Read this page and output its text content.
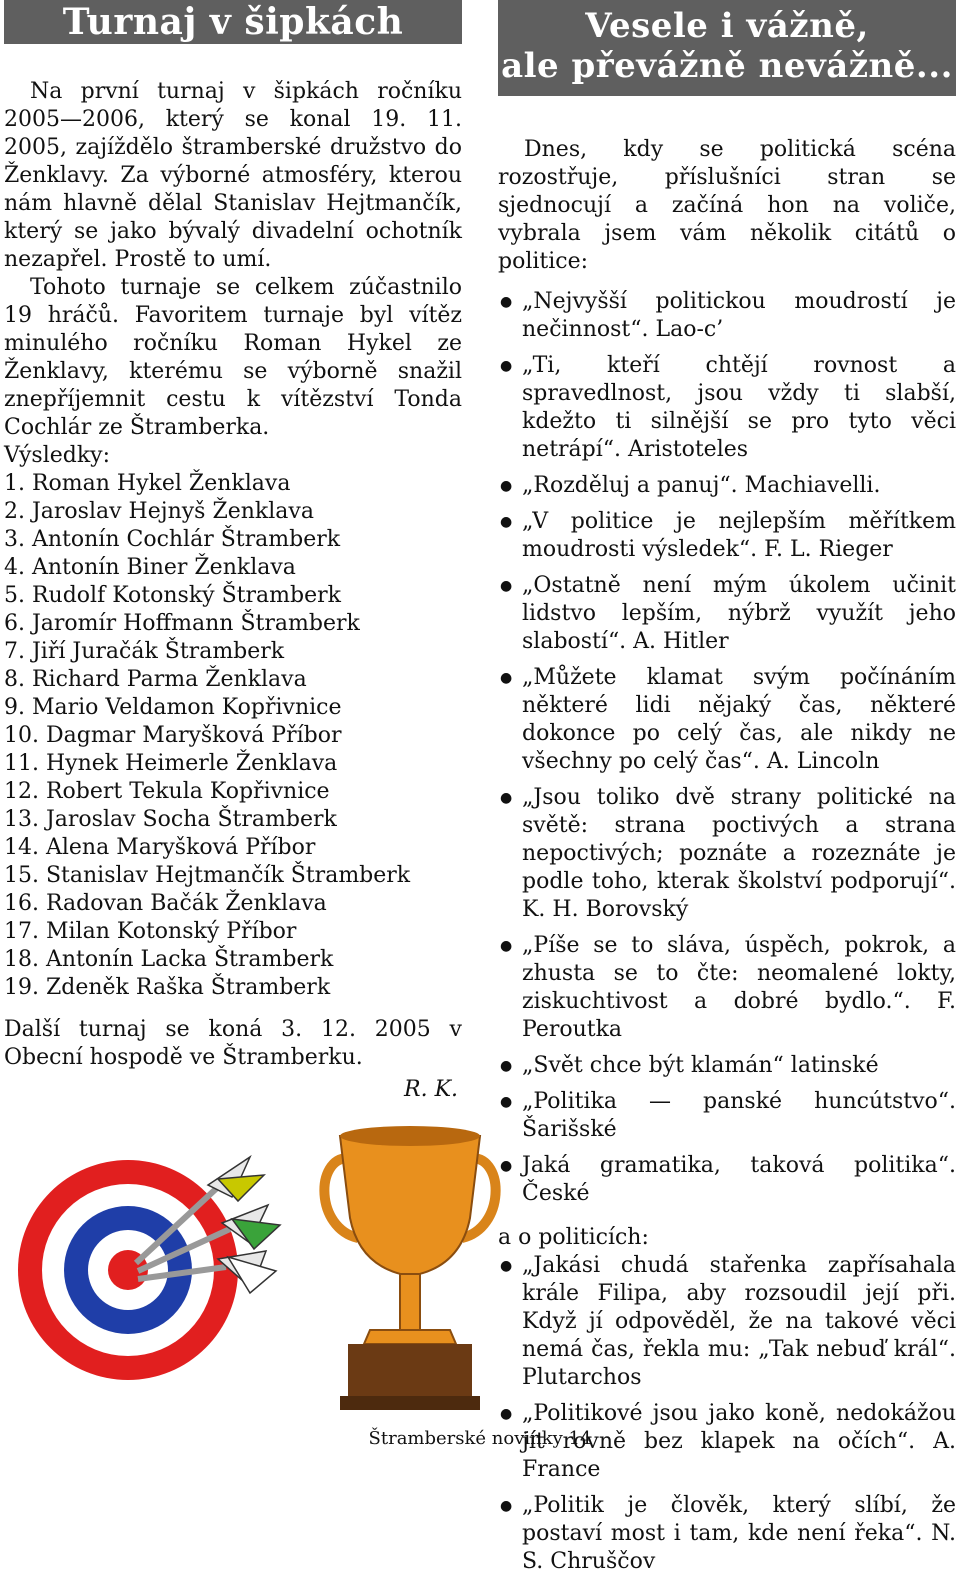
Turnaj v šipkách

Na první turnaj v šipkách ročníku 2005—2006, který se konal 19. 11. 2005, zajíždělo štramberské družstvo do Ženklavy. Za výborné atmosféry, kterou nám hlavně dělal Stanislav Hejtmančík, který se jako bývalý divadelní ochotník nezapřel. Prostě to umí.

Tohoto turnaje se celkem zúčastnilo 19 hráčů. Favoritem turnaje byl vítěz minulého ročníku Roman Hykel ze Ženklavy, kterému se výborně snažil znepříjemnit cestu k vítězství Tonda Cochlár ze Štramberka.

Výsledky:
1. Roman Hykel Ženklava
2. Jaroslav Hejnyš Ženklava
3. Antonín Cochlár Štramberk
4. Antonín Biner Ženklava
5. Rudolf Kotonský Štramberk
6. Jaromír Hoffmann Štramberk
7. Jiří Juračák Štramberk
8. Richard Parma Ženklava
9. Mario Veldamon Kopřivnice
10. Dagmar Maryšková Příbor
11. Hynek Heimerle Ženklava
12. Robert Tekula Kopřivnice
13. Jaroslav Socha Štramberk
14. Alena Maryšková Příbor
15. Stanislav Hejtmančík Štramberk
16. Radovan Bačák Ženklava
17. Milan Kotonský Příbor
18. Antonín Lacka Štramberk
19. Zdeněk Raška Štramberk

Další turnaj se koná 3. 12. 2005 v Obecní hospodě ve Štramberku.

R. K.
Vesele i vážně,
ale převážně nevážně...

Dnes, kdy se politická scéna rozostřuje, příslušníci stran se sjednocují a začíná hon na voliče, vybrala jsem vám několik citátů o politice:

● „Nejvyšší politickou moudrostí je nečinnost“. Lao-c’
● „Ti, kteří chtějí rovnost a spravedlnost, jsou vždy ti slabší, kdežto ti silnější se pro tyto věci netrápí“. Aristoteles
● „Rozděluj a panuj“. Machiavelli.
● „V politice je nejlepším měřítkem moudrosti výsledek“. F. L. Rieger
● „Ostatně není mým úkolem učinit lidstvo lepším, nýbrž využít jeho slabostí“. A. Hitler
● „Můžete klamat svým počínáním některé lidi nějaký čas, některé dokonce po celý čas, ale nikdy ne všechny po celý čas“. A. Lincoln
● „Jsou toliko dvě strany politické na světě: strana poctivých a strana nepoctivých; poznáte a rozeznáte je podle toho, kterak školství podporují“. K. H. Borovský
● „Píše se to sláva, úspěch, pokrok, a zhusta se to čte: neomalené lokty, ziskuchtivost a dobré bydlo.“. F. Peroutka
● „Svět chce být klamán“ latinské
● „Politika — panské huncútstvo“. Šarišské
● Jaká gramatika, taková politika“. České
a o politicích:
● „Jakási chudá stařenka zapřísahala krále Filipa, aby rozsoudil její při. Když jí odpověděl, že na takové věci nemá čas, řekla mu: „Tak nebuď král“. Plutarchos
● „Politikové jsou jako koně, nedokážou jít rovně bez klapek na očích“. A. France
● „Politik je člověk, který slíbí, že postaví most i tam, kde není řeka“. N. S. Chruščov
Štramberské novinky 14
